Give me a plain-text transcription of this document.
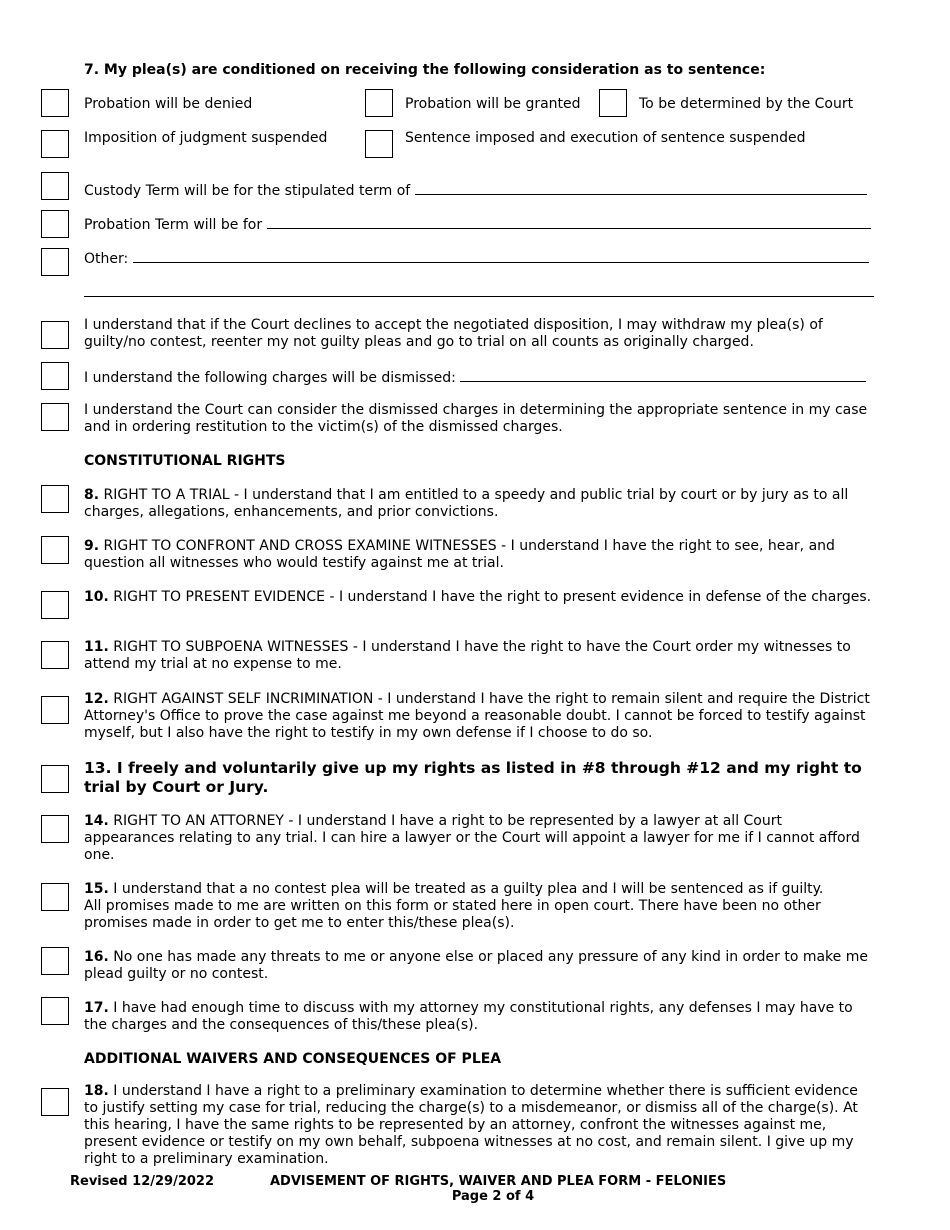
7. My plea(s) are conditioned on receiving the following consideration as to sentence:
Probation will be denied	Probation will be granted	To be determined by the Court
Imposition of judgment suspended	Sentence imposed and execution of sentence suspended
Custody Term will be for the stipulated term of
Probation Term will be for
Other:
I understand that if the Court declines to accept the negotiated disposition, I may withdraw my plea(s) of guilty/no contest, reenter my not guilty pleas and go to trial on all counts as originally charged.
I understand the following charges will be dismissed:
I understand the Court can consider the dismissed charges in determining the appropriate sentence in my case and in ordering restitution to the victim(s) of the dismissed charges.
CONSTITUTIONAL RIGHTS
8. RIGHT TO A TRIAL - I understand that I am entitled to a speedy and public trial by court or by jury as to all charges, allegations, enhancements, and prior convictions.
9. RIGHT TO CONFRONT AND CROSS EXAMINE WITNESSES - I understand I have the right to see, hear, and question all witnesses who would testify against me at trial.
10. RIGHT TO PRESENT EVIDENCE - I understand I have the right to present evidence in defense of the charges.
11. RIGHT TO SUBPOENA WITNESSES - I understand I have the right to have the Court order my witnesses to attend my trial at no expense to me.
12. RIGHT AGAINST SELF INCRIMINATION - I understand I have the right to remain silent and require the District Attorney's Office to prove the case against me beyond a reasonable doubt. I cannot be forced to testify against myself, but I also have the right to testify in my own defense if I choose to do so.
13. I freely and voluntarily give up my rights as listed in #8 through #12 and my right to trial by Court or Jury.
14. RIGHT TO AN ATTORNEY - I understand I have a right to be represented by a lawyer at all Court appearances relating to any trial. I can hire a lawyer or the Court will appoint a lawyer for me if I cannot afford one.
15. I understand that a no contest plea will be treated as a guilty plea and I will be sentenced as if guilty.
All promises made to me are written on this form or stated here in open court. There have been no other promises made in order to get me to enter this/these plea(s).
16. No one has made any threats to me or anyone else or placed any pressure of any kind in order to make me plead guilty or no contest.
17. I have had enough time to discuss with my attorney my constitutional rights, any defenses I may have to the charges and the consequences of this/these plea(s).
ADDITIONAL WAIVERS AND CONSEQUENCES OF PLEA
18. I understand I have a right to a preliminary examination to determine whether there is sufficient evidence to justify setting my case for trial, reducing the charge(s) to a misdemeanor, or dismiss all of the charge(s). At this hearing, I have the same rights to be represented by an attorney, confront the witnesses against me, present evidence or testify on my own behalf, subpoena witnesses at no cost, and remain silent. I give up my right to a preliminary examination.
Revised 12/29/2022	ADVISEMENT OF RIGHTS, WAIVER AND PLEA FORM - FELONIES
Page 2 of 4
